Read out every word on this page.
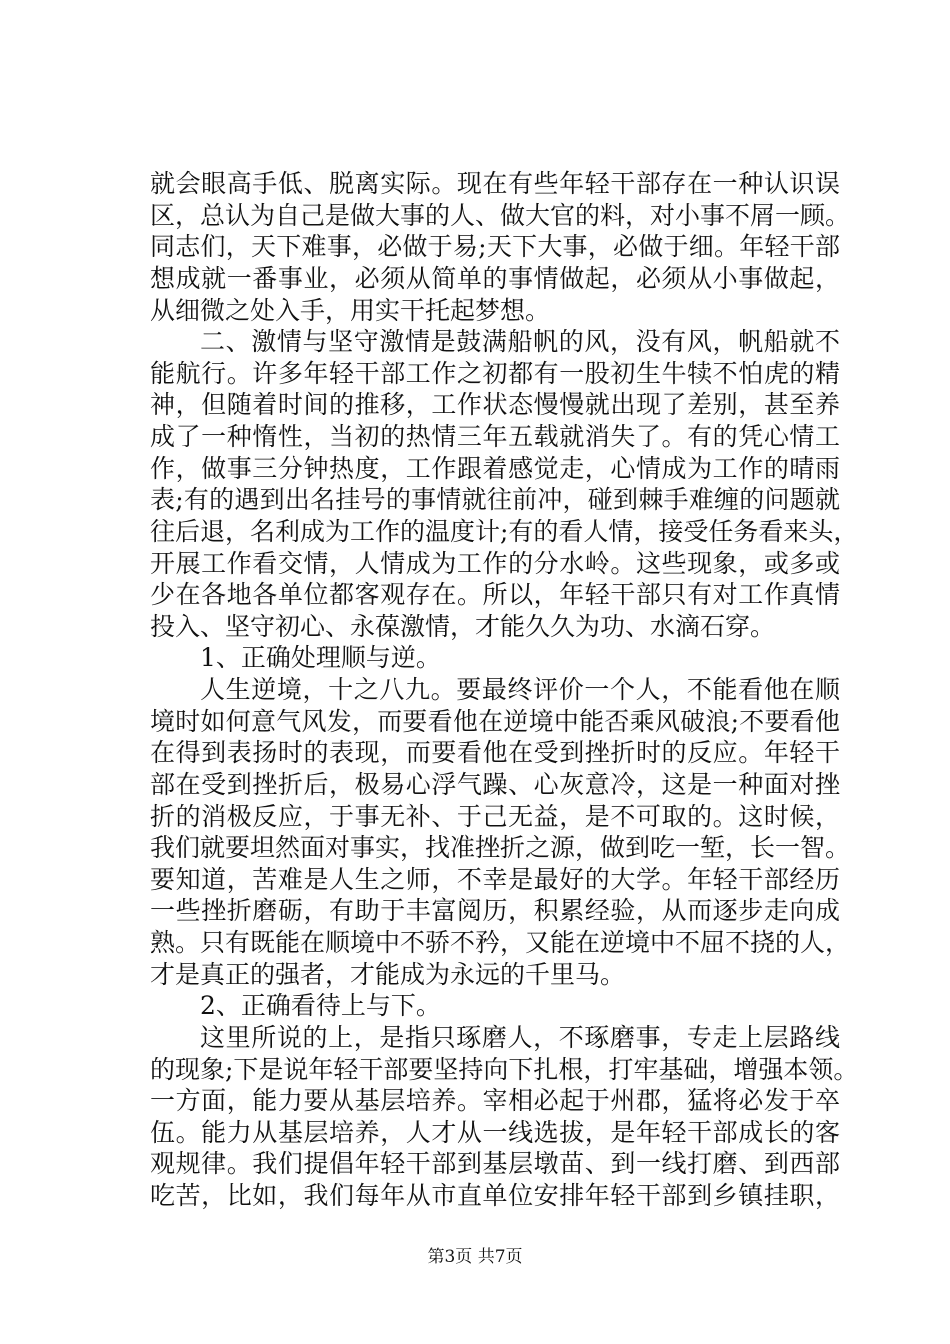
就会眼高手低、脱离实际。现在有些年轻干部存在一种认识误
区，总认为自己是做大事的人、做大官的料，对小事不屑一顾。
同志们，天下难事，必做于易;天下大事，必做于细。年轻干部
想成就一番事业，必须从简单的事情做起，必须从小事做起，
从细微之处入手，用实干托起梦想。
二、激情与坚守激情是鼓满船帆的风，没有风，帆船就不
能航行。许多年轻干部工作之初都有一股初生牛犊不怕虎的精
神，但随着时间的推移，工作状态慢慢就出现了差别，甚至养
成了一种惰性，当初的热情三年五载就消失了。有的凭心情工
作，做事三分钟热度，工作跟着感觉走，心情成为工作的晴雨
表;有的遇到出名挂号的事情就往前冲，碰到棘手难缠的问题就
往后退，名利成为工作的温度计;有的看人情，接受任务看来头，
开展工作看交情，人情成为工作的分水岭。这些现象，或多或
少在各地各单位都客观存在。所以，年轻干部只有对工作真情
投入、坚守初心、永葆激情，才能久久为功、水滴石穿。
1、正确处理顺与逆。
人生逆境，十之八九。要最终评价一个人，不能看他在顺
境时如何意气风发，而要看他在逆境中能否乘风破浪;不要看他
在得到表扬时的表现，而要看他在受到挫折时的反应。年轻干
部在受到挫折后，极易心浮气躁、心灰意冷，这是一种面对挫
折的消极反应，于事无补、于己无益，是不可取的。这时候，
我们就要坦然面对事实，找准挫折之源，做到吃一堑，长一智。
要知道，苦难是人生之师，不幸是最好的大学。年轻干部经历
一些挫折磨砺，有助于丰富阅历，积累经验，从而逐步走向成
熟。只有既能在顺境中不骄不矜，又能在逆境中不屈不挠的人，
才是真正的强者，才能成为永远的千里马。
2、正确看待上与下。
这里所说的上，是指只琢磨人，不琢磨事，专走上层路线
的现象;下是说年轻干部要坚持向下扎根，打牢基础，增强本领。
一方面，能力要从基层培养。宰相必起于州郡，猛将必发于卒
伍。能力从基层培养，人才从一线选拔，是年轻干部成长的客
观规律。我们提倡年轻干部到基层墩苗、到一线打磨、到西部
吃苦，比如，我们每年从市直单位安排年轻干部到乡镇挂职，
第3页 共7页
